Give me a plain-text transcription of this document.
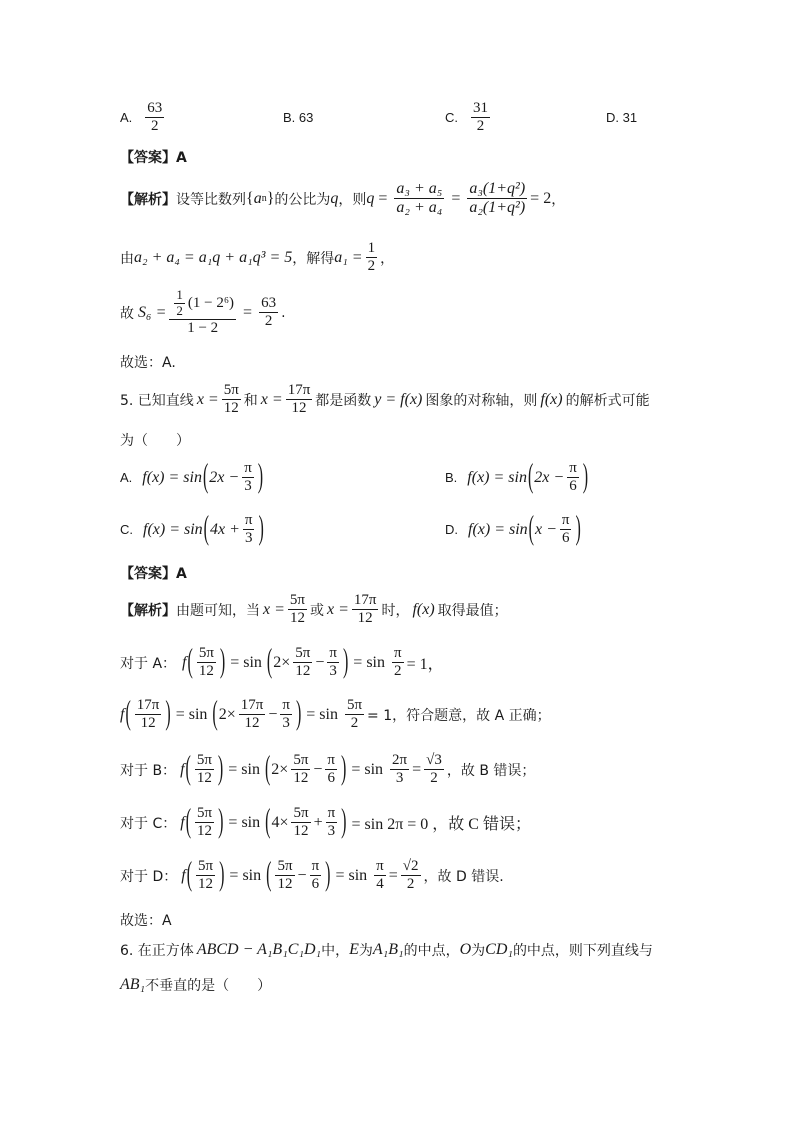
A. $\frac{63}{2}$	B. 63	C. $\frac{31}{2}$	D. 31
【答案】A
【解析】 设等比数列 { a n } 的公比为 q ，则 $q = \frac{\text{a₃ + a₅}}{\text{a₂ + a₄}} = \frac{\text{a₃(1+q²)}}{\text{a₂(1+q²)}} = 2$ ，
由 a₂ + a₄ = a₁q + a₁q³ = 5 ，解得 $a_1 = \frac{1}{2}$ ，
故 $S_6 = \frac{\frac{1}{2} (1 - 2^6)}{1 - 2} = \frac{63}{2}$ .
故选：A.
5. 已知直线 $x = \frac{5\pi}{12}$ 和 $x = \frac{17\pi}{12}$ 都是函数 y = f(x) 图象的对称轴，则 f(x) 的解析式可能
为（　　）
A. f(x) = sin ( $2x - \frac{\pi}{3}$ )	B. f(x) = sin ( $2x - \frac{\pi}{6}$ )
C. f(x) = sin ( $4x + \frac{\pi}{3}$ )	D. f(x) = sin ( $x - \frac{\pi}{6}$ )
【答案】A
【解析】 由题可知，当 $x = \frac{5\pi}{12}$ 或 $x = \frac{17\pi}{12}$ 时， f(x) 取得最值；
对于 A： f ( $\frac{5\pi}{12}$ ) = sin ( $2\times \frac{5\pi}{12} - \frac{\pi}{3}$ ) = $\sin \frac{\pi}{2} = 1$，
f ( $\frac{17\pi}{12}$ ) = sin ( $2\times \frac{17\pi}{12} - \frac{\pi}{3}$ ) = $\sin \frac{5\pi}{2} = 1$，符合题意，故 A 正确；
对于 B： f ( $\frac{5\pi}{12}$ ) = sin ( $2\times \frac{5\pi}{12} - \frac{\pi}{6}$ ) = $\sin \frac{2\pi}{3} = \frac{√3}{2}$ ，故 B 错误；
对于 C： f ( $\frac{5\pi}{12}$ ) = sin ( $4\times \frac{5\pi}{12} + \frac{\pi}{3}$ ) = sin 2π = 0 ，故 C 错误；
对于 D： f ( $\frac{5\pi}{12}$ ) = sin ( $\frac{5\pi}{12} - \frac{\pi}{6}$ ) = $\sin \frac{\pi}{4} = \frac{√2}{2}$ ，故 D 错误.
故选：A
6. 在正方体 ABCD − A₁B₁C₁D₁ 中， E 为 A₁B₁ 的中点， O 为 CD₁ 的中点，则下列直线与
AB₁ 不垂直的是（　　）
